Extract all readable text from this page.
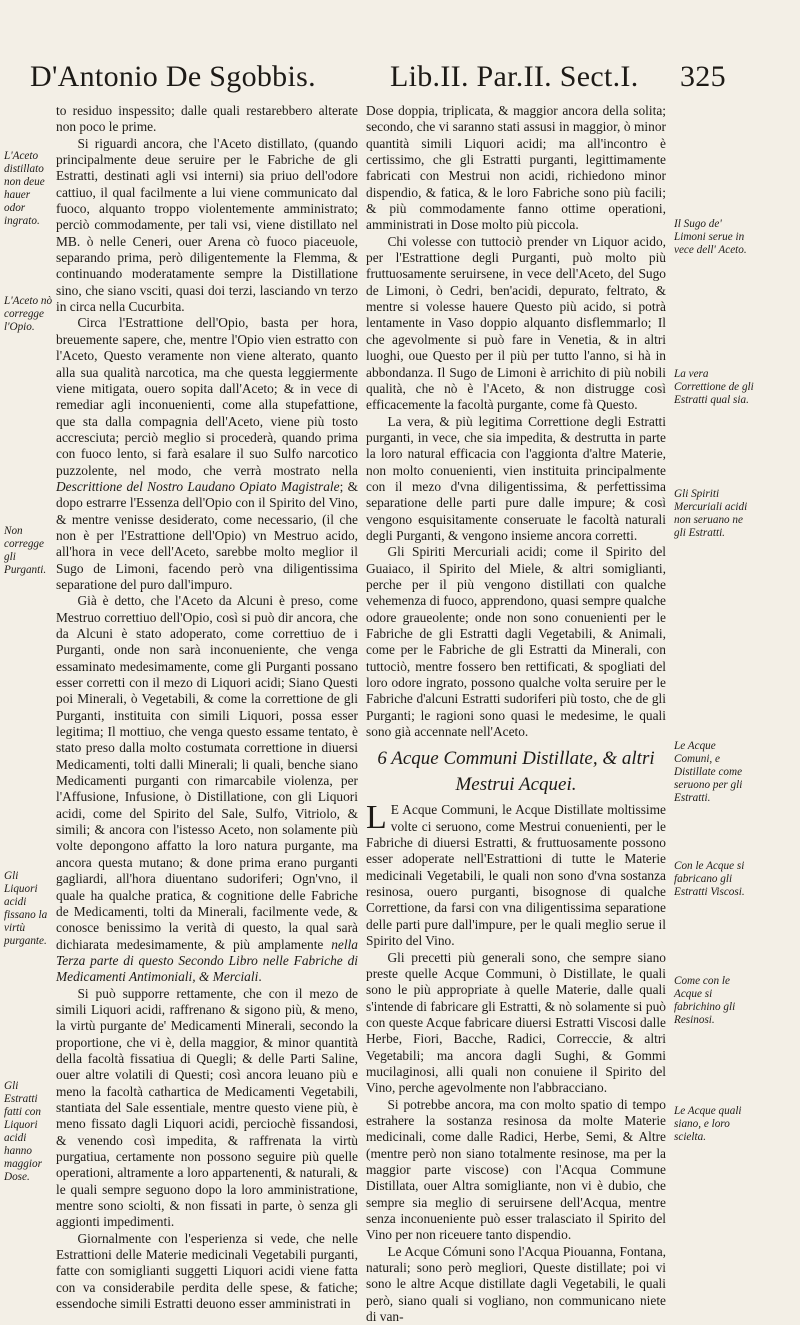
D'Antonio De Sgobbis. Lib.II. Par.II. Sect.I. 325
L'Aceto distillato non deue hauer odor ingrato.
L'Aceto nò corregge l'Opio.
Non corregge gli Purganti.
Gli Liquori acidi fissano la virtù purgante.
Gli Estratti fatti con Liquori acidi hanno maggior Dose.

to residuo inspessito; dalle quali restarebbero alterate non poco le prime.

Si riguardi ancora, che l'Aceto distillato, (quando principalmente deue seruire per le Fabriche de gli Estratti, destinati agli vsi interni) sia priuo dell'odore cattiuo, il qual facilmente a lui viene communicato dal fuoco, alquanto troppo violentemente amministrato; perciò commodamente, per tali vsi, viene distillato nel MB. ò nelle Ceneri, ouer Arena cò fuoco piaceuole, separando prima, però diligentemente la Flemma, & continuando moderatamente sempre la Distillatione sino, che siano vsciti, quasi doi terzi, lasciando vn terzo in circa nella Cucurbita.

Circa l'Estrattione dell'Opio, basta per hora, breuemente sapere, che, mentre l'Opio vien estratto con l'Aceto, Questo veramente non viene alterato, quanto alla sua qualità narcotica, ma che questa leggiermente viene mitigata, ouero sopita dall'Aceto; & in vece di remediar agli inconuenienti, come alla stupefattione, que sta dalla compagnia dell'Aceto, viene più tosto accresciuta; perciò meglio si procederà, quando prima con fuoco lento, si farà esalare il suo Sulfo narcotico puzzolente, nel modo, che verrà mostrato nella Descrittione del Nostro Laudano Opiato Magistrale; & dopo estrarre l'Essenza dell'Opio con il Spirito del Vino, & mentre venisse desiderato, come necessario, (il che non è per l'Estrattione dell'Opio) vn Mestruo acido, all'hora in vece dell'Aceto, sarebbe molto meglior il Sugo de Limoni, facendo però vna diligentissima separatione del puro dall'impuro.

Già è detto, che l'Aceto da Alcuni è preso, come Mestruo correttiuo dell'Opio, così si può dir ancora, che da Alcuni è stato adoperato, come correttiuo de i Purganti, onde non sarà inconueniente, che venga essaminato medesimamente, come gli Purganti possano esser corretti con il mezo di Liquori acidi; Siano Questi poi Minerali, ò Vegetabili, & come la correttione de gli Purganti, instituita con simili Liquori, possa esser legitima; Il mottiuo, che venga questo essame tentato, è stato preso dalla molto costumata correttione in diuersi Medicamenti, tolti dalli Minerali; li quali, benche siano Medicamenti purganti con rimarcabile violenza, per l'Affusione, Infusione, ò Distillatione, con gli Liquori acidi, come del Spirito del Sale, Sulfo, Vitriolo, & simili; & ancora con l'istesso Aceto, non solamente più volte depongono affatto la loro natura purgante, ma ancora questa mutano; & done prima erano purganti gagliardi, all'hora diuentano sudoriferi; Ogn'vno, il quale ha qualche pratica, & cognitione delle Fabriche de Medicamenti, tolti da Minerali, facilmente vede, & conosce benissimo la verità di questo, la qual sarà dichiarata medesimamente, & più amplamente nella Terza parte di questo Secondo Libro nelle Fabriche di Medicamenti Antimoniali, & Merciali.

Si può supporre rettamente, che con il mezo de simili Liquori acidi, raffrenano & sigono più, & meno, la virtù purgante de' Medicamenti Minerali, secondo la proportione, che vi è, della maggior, & minor quantità della facoltà fissatiua di Quegli; & delle Parti Saline, ouer altre volatili di Questi; così ancora leuano più e meno la facoltà cathartica de Medicamenti Vegetabili, stantiata del Sale essentiale, mentre questo viene più, è meno fissato dagli Liquori acidi, perciochè fissandosi, & venendo così impedita, & raffrenata la virtù purgatiua, certamente non possono seguire più quelle operationi, altramente a loro appartenenti, & naturali, & le quali sempre seguono dopo la loro amministratione, mentre sono sciolti, & non fissati in parte, ò senza gli aggionti impedimenti.

Giornalmente con l'esperienza si vede, che nelle Estrattioni delle Materie medicinali Vegetabili purganti, fatte con somiglianti suggetti Liquori acidi viene fatta con va considerabile perdita delle spese, & fatiche; essendoche simili Estratti deuono esser amministrati in

Dose doppia, triplicata, & maggior ancora della solita; secondo, che vi saranno stati assusi in maggior, ò minor quantità simili Liquori acidi; ma all'incontro è certissimo, che gli Estratti purganti, legittimamente fabricati con Mestrui non acidi, richiedono minor dispendio, & fatica, & le loro Fabriche sono più facili; & più commodamente fanno ottime operationi, amministrati in Dose molto più piccola.

Chi volesse con tuttociò prender vn Liquor acido, per l'Estrattione degli Purganti, può molto più fruttuosamente seruirsene, in vece dell'Aceto, del Sugo de Limoni, ò Cedri, ben'acidi, depurato, feltrato, & mentre si volesse hauere Questo più acido, si potrà lentamente in Vaso doppio alquanto disflemmarlo; Il che agevolmente si può fare in Venetia, & in altri luoghi, oue Questo per il più per tutto l'anno, si hà in abbondanza. Il Sugo de Limoni è arrichito di più nobili qualità, che nò è l'Aceto, & non distrugge così efficacemente la facoltà purgante, come fà Questo.

La vera, & più legitima Correttione degli Estratti purganti, in vece, che sia impedita, & destrutta in parte la loro natural efficacia con l'aggionta d'altre Materie, non molto conuenienti, vien instituita principalmente con il mezo d'vna diligentissima, & perfettissima separatione delle parti pure dalle impure; & così vengono esquisitamente conseruate le facoltà naturali degli Purganti, & vengono insieme ancora corretti.

Gli Spiriti Mercuriali acidi; come il Spirito del Guaiaco, il Spirito del Miele, & altri somiglianti, perche per il più vengono distillati con qualche vehemenza di fuoco, apprendono, quasi sempre qualche odore graueolente; onde non sono conuenienti per le Fabriche de gli Estratti dagli Vegetabili, & Animali, come per le Fabriche de gli Estratti da Minerali, con tuttociò, mentre fossero ben rettificati, & spogliati del loro odore ingrato, possono qualche volta seruire per le Fabriche d'alcuni Estratti sudoriferi più tosto, che de gli Purganti; le ragioni sono quasi le medesime, le quali sono già accennate nell'Aceto.

6 Acque Communi Distillate, & altri
Mestrui Acquei.

L E Acque Communi, le Acque Distillate moltissime volte ci seruono, come Mestrui conuenienti, per le Fabriche di diuersi Estratti, & fruttuosamente possono esser adoperate nell'Estrattioni di tutte le Materie medicinali Vegetabili, le quali non sono d'vna sostanza resinosa, ouero purganti, bisognose di qualche Correttione, da farsi con vna diligentissima separatione delle parti pure dall'impure, per le quali meglio serue il Spirito del Vino.

Gli precetti più generali sono, che sempre siano preste quelle Acque Communi, ò Distillate, le quali sono le più appropriate à quelle Materie, dalle quali s'intende di fabricare gli Estratti, & nò solamente si può con queste Acque fabricare diuersi Estratti Viscosi dalle Herbe, Fiori, Bacche, Radici, Correccie, & altri Vegetabili; ma ancora dagli Sughi, & Gommi mucilaginosi, alli quali non conuiene il Spirito del Vino, perche agevolmente non l'abbracciano.

Si potrebbe ancora, ma con molto spatio di tempo estrahere la sostanza resinosa da molte Materie medicinali, come dalle Radici, Herbe, Semi, & Altre (mentre però non siano totalmente resinose, ma per la maggior parte viscose) con l'Acqua Commune Distillata, ouer Altra somigliante, non vi è dubio, che sempre sia meglio di seruirsene dell'Acqua, mentre senza inconueniente può esser tralasciato il Spirito del Vino per non riceuere tanto dispendio.

Le Acque Cómuni sono l'Acqua Piouanna, Fontana, naturali; sono però megliori, Queste distillate; poi vi sono le altre Acque distillate dagli Vegetabili, le quali però, siano quali si vogliano, non communicano niete di van-

Il Sugo de' Limoni serue in vece dell' Aceto.
La vera Correttione de gli Estratti qual sia.
Gli Spiriti Mercuriali acidi non seruano ne gli Estratti.
Le Acque Comuni, e Distillate come seruono per gli Estratti.
Con le Acque si fabricano gli Estratti Viscosi.
Come con le Acque si fabrichino gli Resinosi.
Le Acque quali siano, e loro scielta.
